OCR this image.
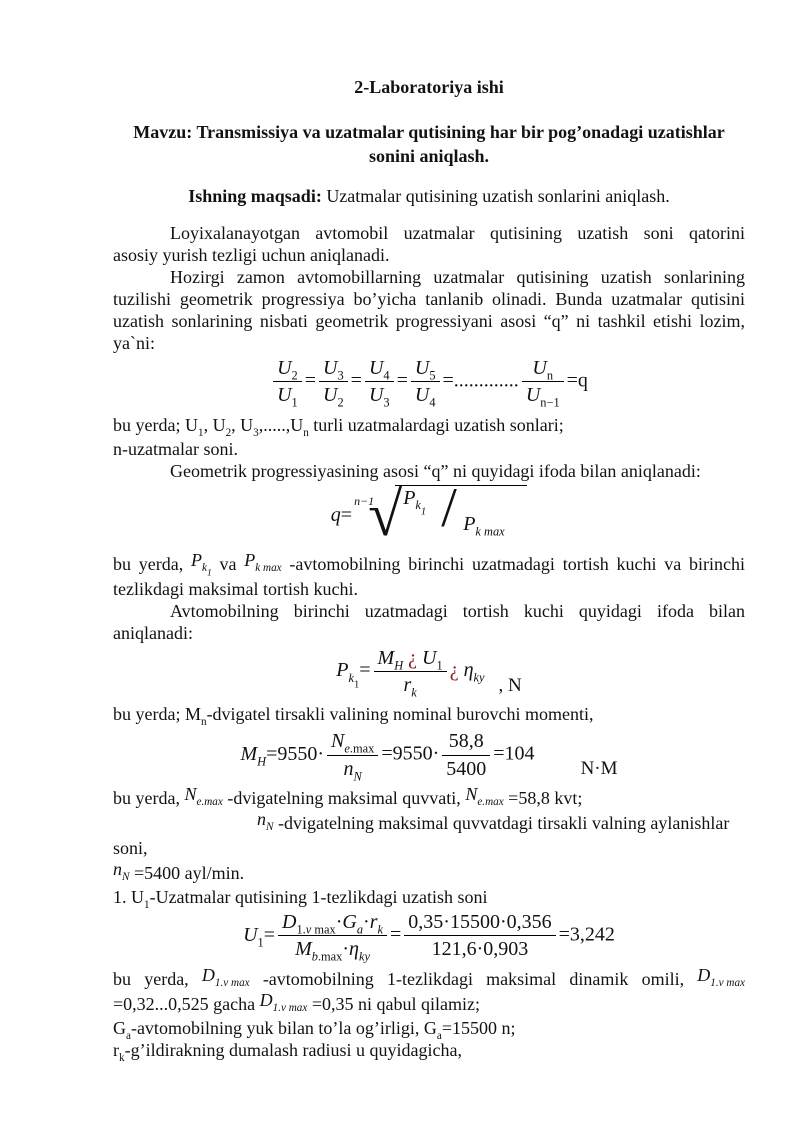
2-Laboratoriya ishi
Mavzu: Transmissiya va uzatmalar qutisining har bir pog’onadagi uzatishlar sonini aniqlash.
Ishning maqsadi: Uzatmalar qutisining uzatish sonlarini aniqlash.
Loyixalanayotgan avtomobil uzatmalar qutisining uzatish soni qatorini
asosiy yurish tezligi uchun aniqlanadi.
Hozirgi zamon avtomobillarning uzatmalar qutisining uzatish sonlarining
tuzilishi geometrik progressiya bo’yicha tanlanib olinadi. Bunda uzatmalar qutisini
uzatish sonlarining nisbati geometrik progressiyani asosi “q” ni tashkil etishi lozim,
ya`ni:
$\frac{U_2}{U_1} = \frac{U_3}{U_2} = \frac{U_4}{U_3} = \frac{U_5}{U_4}$ =............. $\frac{U_n}{U_{n-1}} =q$
bu yerda; $U_1$, $U_2$, $U_3,.....,U_n$ turli uzatmalardagi uzatish sonlari;
n-uzatmalar soni.
Geometrik progressiyasining asosi “q” ni quyidagi ifoda bilan aniqlanadi:
q=
n−1
√ $P_{k_1} / P_{k max}$
bu yerda, $P_{k_1}$ va $P_{k max}$ -avtomobilning birinchi uzatmadagi tortish kuchi va birinchi
tezlikdagi maksimal tortish kuchi.
Avtomobilning birinchi uzatmadagi tortish kuchi quyidagi ifoda bilan
aniqlanadi:
$P_{k_1}= \frac{M_H ¿ U_1}{r_k}$ ¿ $\eta_{ky}$ , N
bu yerda; $M_n$-dvigatel tirsakli valining nominal burovchi momenti,
$M_H=9550\cdot \frac{N_{e.max}}{n_N} =9550\cdot \frac{58,8}{5400} =104N\cdot M$
bu yerda, $N_{e.max}$ -dvigatelning maksimal quvvati, $N_{e.max} =58,8$ kvt;
$n_N$ -dvigatelning maksimal quvvatdagi tirsakli valning aylanishlar soni,
$n_N =5400$ ayl/min.
1. $U_1$-Uzatmalar qutisining 1-tezlikdagi uzatish soni
$U_1= \frac{D_{1.v max}\cdot G_a\cdot r_k}{M_{b.max}\cdot\eta_{ky}} = \frac{0,35\cdot 15500\cdot 0,356}{121,6\cdot 0,903} =3,242$
bu yerda, $D_{1.v max}$ -avtomobilning 1-tezlikdagi maksimal dinamik omili, $D_{1.v max}$
=0,32...0,525 gacha $D_{1.v max} =0,35$ ni qabul qilamiz;
$G_a$-avtomobilning yuk bilan to’la og’irligi, $G_a=15500$ n;
$r_k-g’ildirakning$ dumalash radiusi u quyidagicha,
